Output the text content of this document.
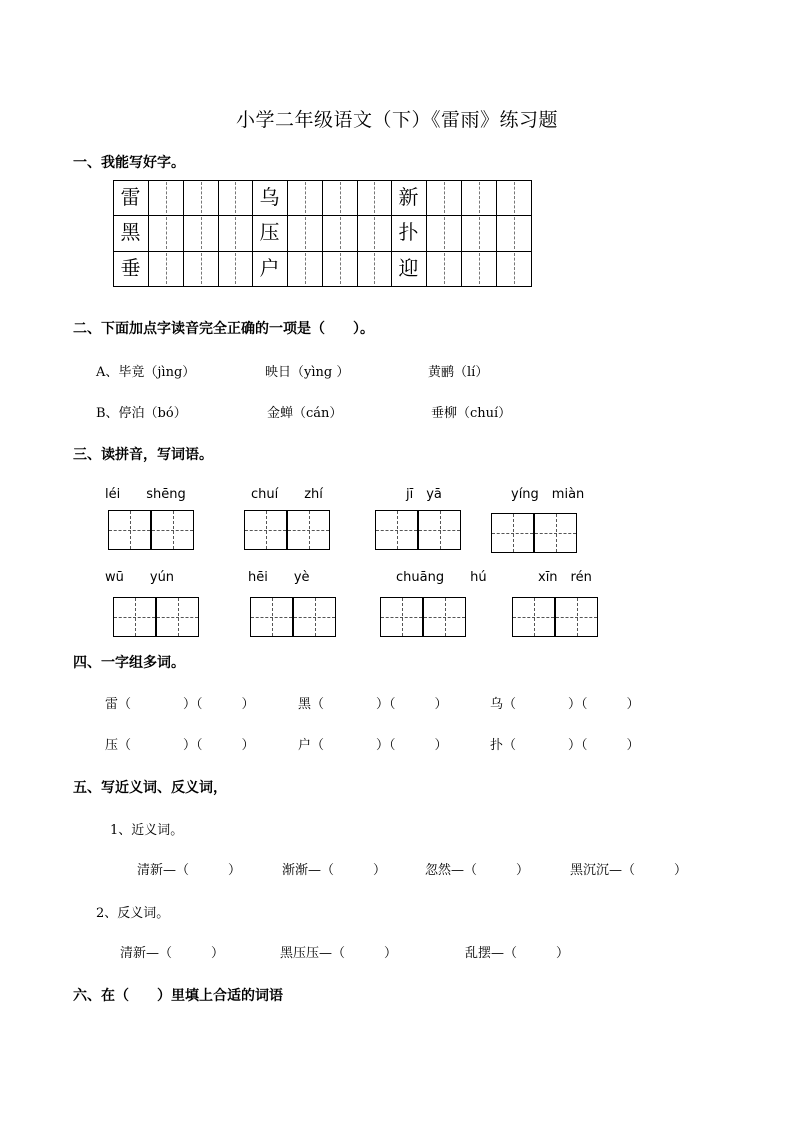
小学二年级语文（下）《雷雨》练习题
一、我能写好字。
雷	乌	新
黑	压	扑
垂	户	迎
二、下面加点字读音完全正确的一项是（　　）。
A、毕竟（jìng）	映日（yìng ）	黄鹂（lí）
B、停泊（bó）	金蝉（cán）	垂柳（chuí）
三、读拼音，写词语。
léi　　shēng	chuí　　zhí	jī　yā	yíng　miàn
wū　　yún	hēi　　yè	chuāng　　hú	xīn　rén
四、一字组多词。
雷（　　　　）（　　　）	黑（　　　　）（　　　）	乌（　　　　）（　　　）
压（　　　　）（　　　）	户（　　　　）（　　　）	扑（　　　　）（　　　）
五、写近义词、反义词，
1、近义词。
清新—（　　　）	渐渐—（　　　）	忽然—（　　　）	黑沉沉—（　　　）
2、反义词。
清新—（　　　）	黑压压—（　　　）	乱摆—（　　　）
六、在（　　）里填上合适的词语
